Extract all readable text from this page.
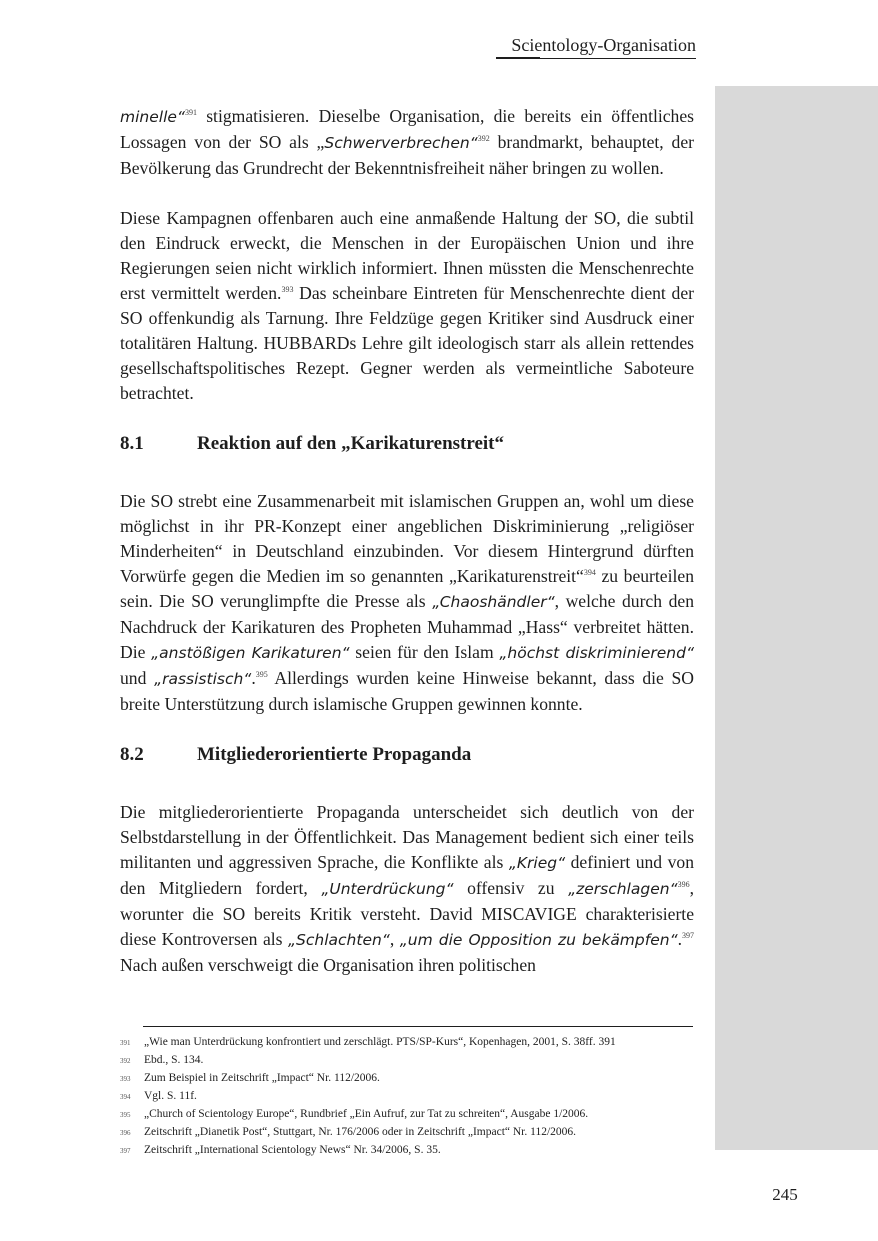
Scientology-Organisation

minelle“$^{391}$ stigmatisieren. Dieselbe Organisation, die bereits ein öffentliches Lossagen von der SO als „Schwerverbrechen“$^{392}$ brandmarkt, behauptet, der Bevölkerung das Grundrecht der Bekenntnisfreiheit näher bringen zu wollen.

Diese Kampagnen offenbaren auch eine anmaßende Haltung der SO, die subtil den Eindruck erweckt, die Menschen in der Europäischen Union und ihre Regierungen seien nicht wirklich informiert. Ihnen müssten die Menschenrechte erst vermittelt werden.$^{393}$ Das scheinbare Eintreten für Menschenrechte dient der SO offenkundig als Tarnung. Ihre Feldzüge gegen Kritiker sind Ausdruck einer totalitären Haltung. HUBBARDs Lehre gilt ideologisch starr als allein rettendes gesellschaftspolitisches Rezept. Gegner werden als vermeintliche Saboteure betrachtet.

8.1	Reaktion auf den „Karikaturenstreit“

Die SO strebt eine Zusammenarbeit mit islamischen Gruppen an, wohl um diese möglichst in ihr PR-Konzept einer angeblichen Diskriminierung „religiöser Minderheiten“ in Deutschland einzubinden. Vor diesem Hintergrund dürften Vorwürfe gegen die Medien im so genannten „Karikaturenstreit“$^{394}$ zu beurteilen sein. Die SO verunglimpfte die Presse als „Chaoshändler“, welche durch den Nachdruck der Karikaturen des Propheten Muhammad „Hass“ verbreitet hätten. Die „anstößigen Karikaturen“ seien für den Islam „höchst diskriminierend“ und „rassistisch“.$^{395}$ Allerdings wurden keine Hinweise bekannt, dass die SO breite Unterstützung durch islamische Gruppen gewinnen konnte.

8.2	Mitgliederorientierte Propaganda

Die mitgliederorientierte Propaganda unterscheidet sich deutlich von der Selbstdarstellung in der Öffentlichkeit. Das Management bedient sich einer teils militanten und aggressiven Sprache, die Konflikte als „Krieg“ definiert und von den Mitgliedern fordert, „Unterdrückung“ offensiv zu „zerschlagen“$^{396}$, worunter die SO bereits Kritik versteht. David MISCAVIGE charakterisierte diese Kontroversen als „Schlachten“, „um die Opposition zu bekämpfen“.$^{397}$ Nach außen verschweigt die Organisation ihren politischen

391	„Wie man Unterdrückung konfrontiert und zerschlägt. PTS/SP-Kurs“, Kopenhagen, 2001, S. 38ff. 391
392	Ebd., S. 134.
393	Zum Beispiel in Zeitschrift „Impact“ Nr. 112/2006.
394	Vgl. S. 11f.
395	„Church of Scientology Europe“, Rundbrief „Ein Aufruf, zur Tat zu schreiten“, Ausgabe 1/2006.
396	Zeitschrift „Dianetik Post“, Stuttgart, Nr. 176/2006 oder in Zeitschrift „Impact“ Nr. 112/2006.
397	Zeitschrift „International Scientology News“ Nr. 34/2006, S. 35.
245
